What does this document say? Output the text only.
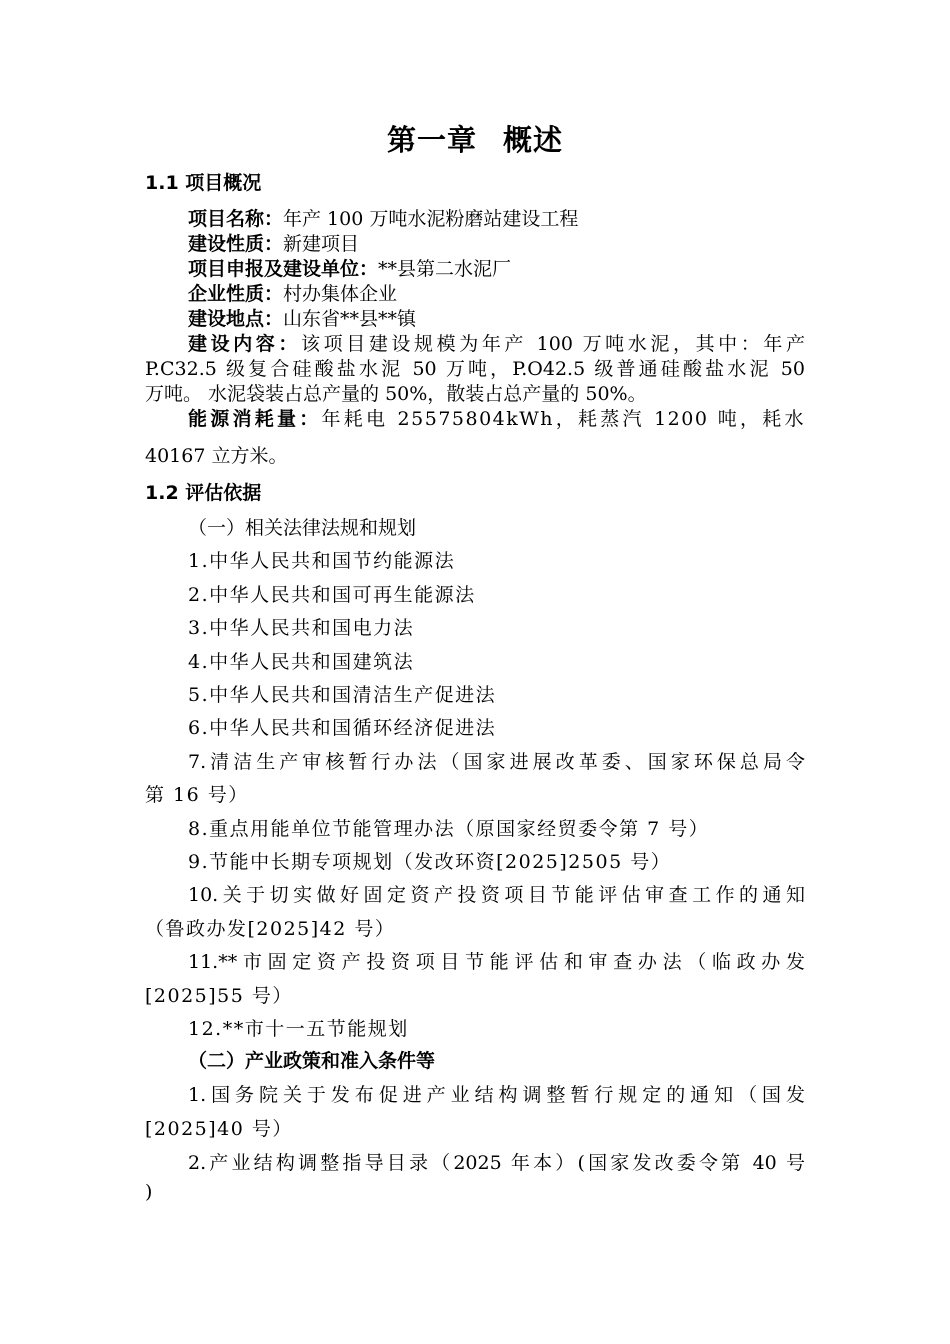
第一章 概述
1.1 项目概况
项目名称：年产 100 万吨水泥粉磨站建设工程
建设性质：新建项目
项目申报及建设单位：**县第二水泥厂
企业性质：村办集体企业
建设地点：山东省**县**镇
建设内容：该项目建设规模为年产 100 万吨水泥，其中：年产
P.C32.5 级复合硅酸盐水泥 50 万吨，P.O42.5 级普通硅酸盐水泥 50
万吨。 水泥袋装占总产量的 50%，散装占总产量的 50%。
能源消耗量：年耗电 25575804kWh，耗蒸汽 1200 吨，耗水
40167 立方米。
1.2 评估依据
（一）相关法律法规和规划
1.中华人民共和国节约能源法
2.中华人民共和国可再生能源法
3.中华人民共和国电力法
4.中华人民共和国建筑法
5.中华人民共和国清洁生产促进法
6.中华人民共和国循环经济促进法
7.清洁生产审核暂行办法（国家进展改革委、国家环保总局令
第 16 号）
8.重点用能单位节能管理办法（原国家经贸委令第 7 号）
9.节能中长期专项规划（发改环资[2025]2505 号）
10.关于切实做好固定资产投资项目节能评估审查工作的通知
（鲁政办发[2025]42 号）
11.**市固定资产投资项目节能评估和审查办法（临政办发
[2025]55 号）
12.**市十一五节能规划
（二）产业政策和准入条件等
1.国务院关于发布促进产业结构调整暂行规定的通知（国发
[2025]40 号）
2.产业结构调整指导目录（2025 年本）(国家发改委令第 40 号
)
